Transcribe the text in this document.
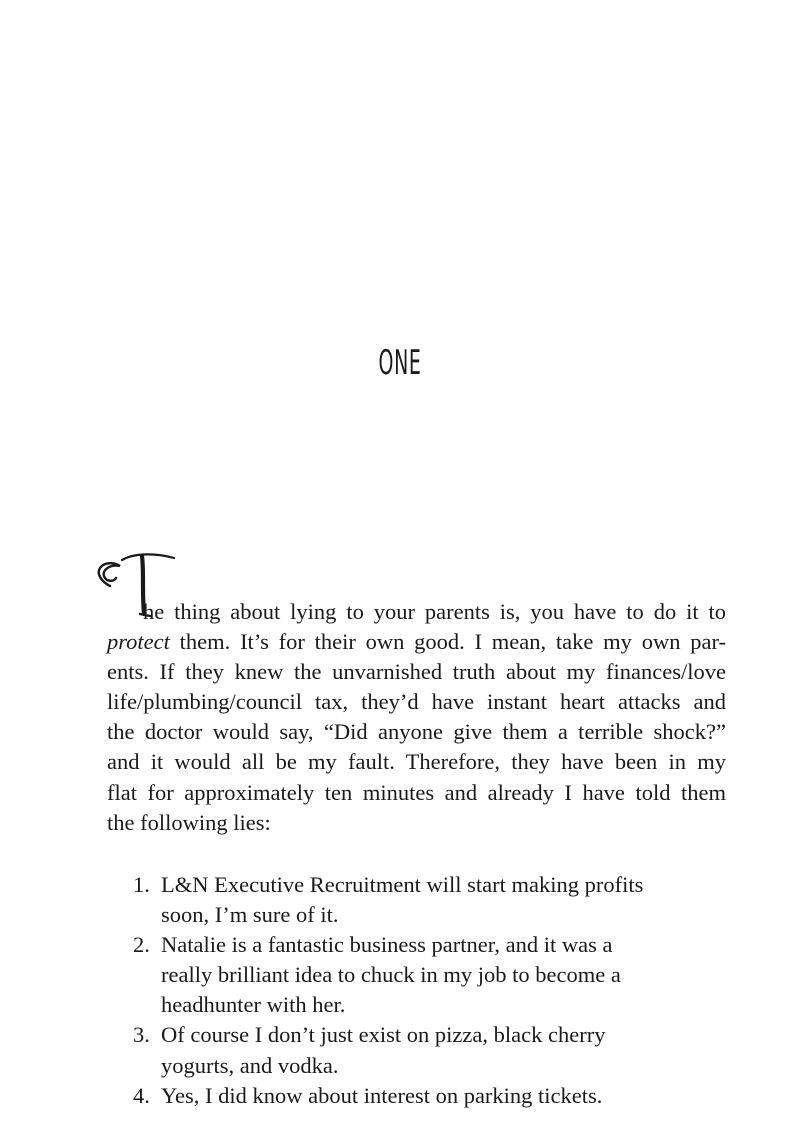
ONE
he thing about lying to your parents is, you have to do it to
protect them. It’s for their own good. I mean, take my own par-
ents. If they knew the unvarnished truth about my finances/love
life/plumbing/council tax, they’d have instant heart attacks and
the doctor would say, “Did anyone give them a terrible shock?”
and it would all be my fault. Therefore, they have been in my
flat for approximately ten minutes and already I have told them
the following lies:
1. L&N Executive Recruitment will start making profits
soon, I’m sure of it.
2. Natalie is a fantastic business partner, and it was a
really brilliant idea to chuck in my job to become a
headhunter with her.
3. Of course I don’t just exist on pizza, black cherry
yogurts, and vodka.
4. Yes, I did know about interest on parking tickets.
